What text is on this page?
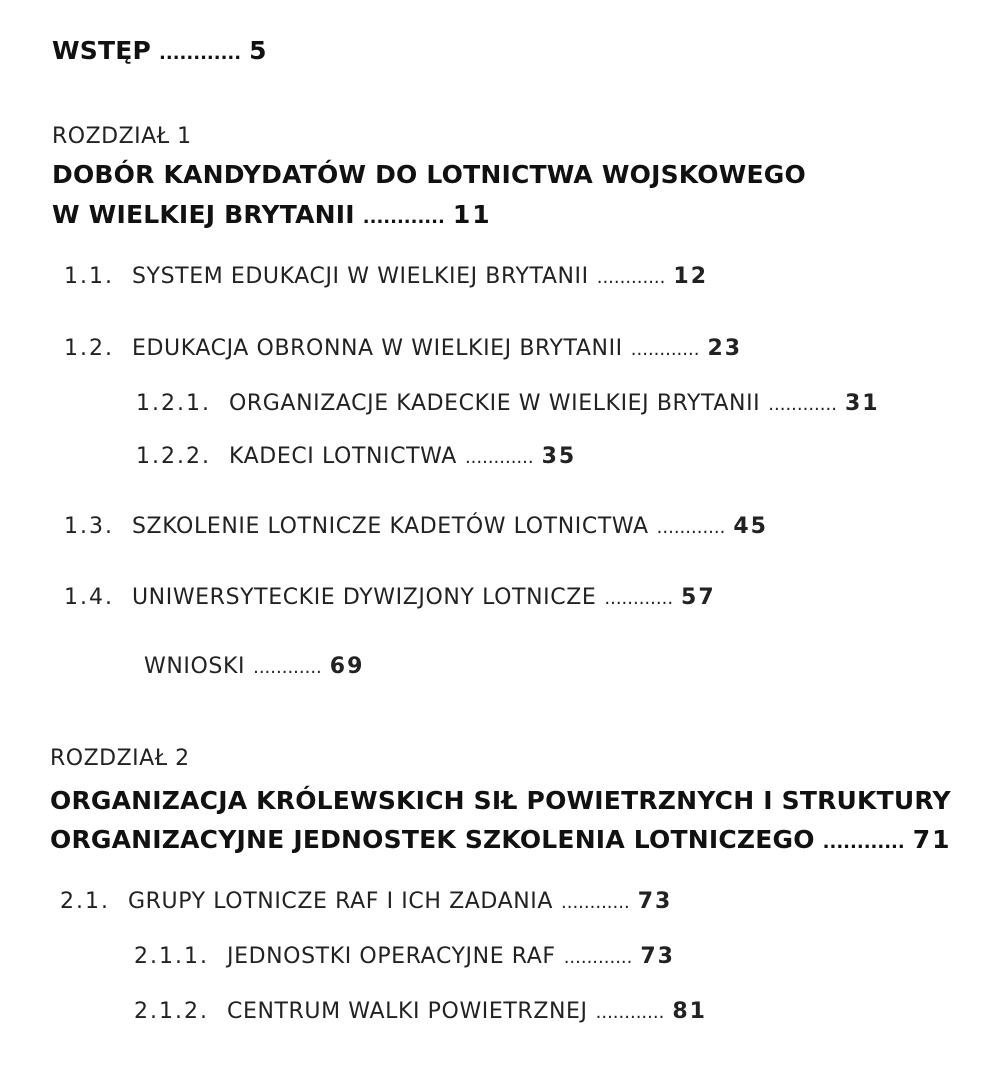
WSTĘP ............ 5
ROZDZIAŁ 1
DOBÓR KANDYDATÓW DO LOTNICTWA WOJSKOWEGO
W WIELKIEJ BRYTANII ............ 11
1.1. SYSTEM EDUKACJI W WIELKIEJ BRYTANII ............ 12
1.2. EDUKACJA OBRONNA W WIELKIEJ BRYTANII ............ 23
1.2.1. ORGANIZACJE KADECKIE W WIELKIEJ BRYTANII ............ 31
1.2.2. KADECI LOTNICTWA ............ 35
1.3. SZKOLENIE LOTNICZE KADETÓW LOTNICTWA ............ 45
1.4. UNIWERSYTECKIE DYWIZJONY LOTNICZE ............ 57
WNIOSKI ............ 69
ROZDZIAŁ 2
ORGANIZACJA KRÓLEWSKICH SIŁ POWIETRZNYCH I STRUKTURY
ORGANIZACYJNE JEDNOSTEK SZKOLENIA LOTNICZEGO ............ 71
2.1. GRUPY LOTNICZE RAF I ICH ZADANIA ............ 73
2.1.1. JEDNOSTKI OPERACYJNE RAF ............ 73
2.1.2. CENTRUM WALKI POWIETRZNEJ ............ 81
